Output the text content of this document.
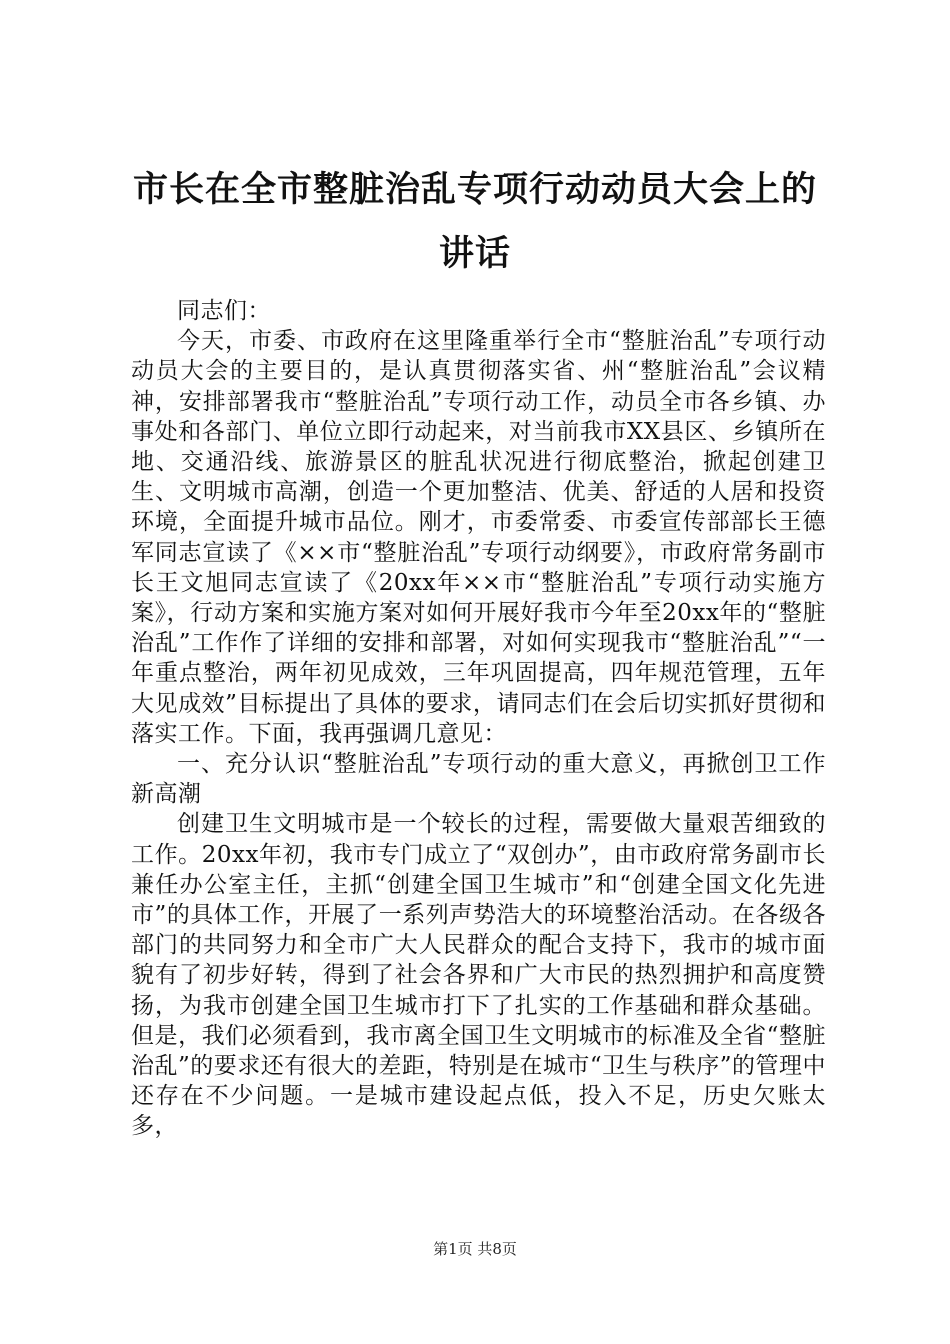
市长在全市整脏治乱专项行动动员大会上的讲话

同志们：

今天，市委、市政府在这里隆重举行全市“整脏治乱”专项行动动员大会的主要目的，是认真贯彻落实省、州“整脏治乱”会议精神，安排部署我市“整脏治乱”专项行动工作，动员全市各乡镇、办事处和各部门、单位立即行动起来，对当前我市XX县区、乡镇所在地、交通沿线、旅游景区的脏乱状况进行彻底整治，掀起创建卫生、文明城市高潮，创造一个更加整洁、优美、舒适的人居和投资环境，全面提升城市品位。刚才，市委常委、市委宣传部部长王德军同志宣读了《××市“整脏治乱”专项行动纲要》，市政府常务副市长王文旭同志宣读了《20xx年××市“整脏治乱”专项行动实施方案》，行动方案和实施方案对如何开展好我市今年至20xx年的“整脏治乱”工作作了详细的安排和部署，对如何实现我市“整脏治乱”“一年重点整治，两年初见成效，三年巩固提高，四年规范管理，五年大见成效”目标提出了具体的要求，请同志们在会后切实抓好贯彻和落实工作。下面，我再强调几意见：

一、充分认识“整脏治乱”专项行动的重大意义，再掀创卫工作新高潮

创建卫生文明城市是一个较长的过程，需要做大量艰苦细致的工作。20xx年初，我市专门成立了“双创办”，由市政府常务副市长兼任办公室主任，主抓“创建全国卫生城市”和“创建全国文化先进市”的具体工作，开展了一系列声势浩大的环境整治活动。在各级各部门的共同努力和全市广大人民群众的配合支持下，我市的城市面貌有了初步好转，得到了社会各界和广大市民的热烈拥护和高度赞扬，为我市创建全国卫生城市打下了扎实的工作基础和群众基础。但是，我们必须看到，我市离全国卫生文明城市的标准及全省“整脏治乱”的要求还有很大的差距，特别是在城市“卫生与秩序”的管理中还存在不少问题。一是城市建设起点低，投入不足，历史欠账太多，

第1页 共8页
